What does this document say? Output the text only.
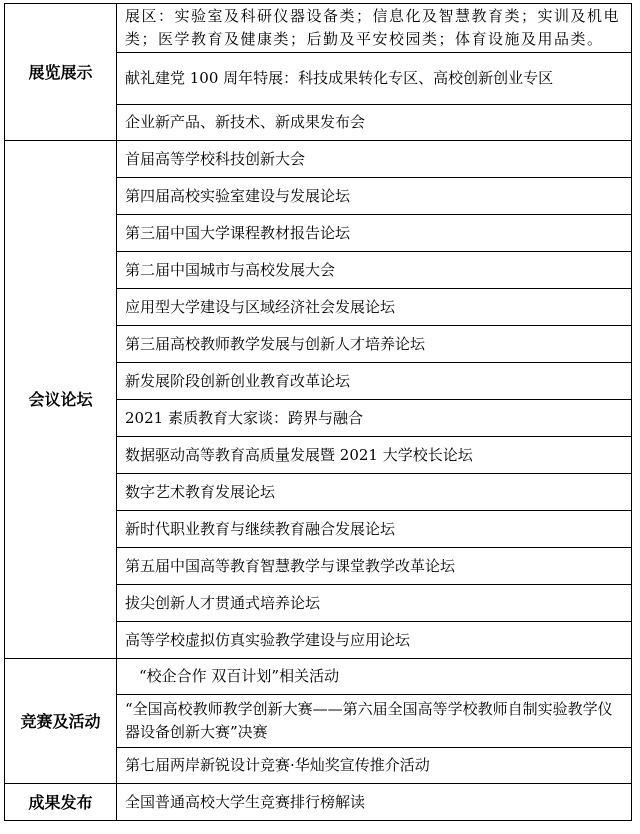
展览展示	展区：实验室及科研仪器设备类；信息化及智慧教育类；实训及机电类；医学教育及健康类；后勤及平安校园类；体育设施及用品类。
	献礼建党 100 周年特展：科技成果转化专区、高校创新创业专区
	企业新产品、新技术、新成果发布会
会议论坛	首届高等学校科技创新大会
	第四届高校实验室建设与发展论坛
	第三届中国大学课程教材报告论坛
	第二届中国城市与高校发展大会
	应用型大学建设与区域经济社会发展论坛
	第三届高校教师教学发展与创新人才培养论坛
	新发展阶段创新创业教育改革论坛
	2021 素质教育大家谈：跨界与融合
	数据驱动高等教育高质量发展暨 2021 大学校长论坛
	数字艺术教育发展论坛
	新时代职业教育与继续教育融合发展论坛
	第五届中国高等教育智慧教学与课堂教学改革论坛
	拔尖创新人才贯通式培养论坛
	高等学校虚拟仿真实验教学建设与应用论坛
竞赛及活动	“校企合作 双百计划”相关活动
	“全国高校教师教学创新大赛——第六届全国高等学校教师自制实验教学仪器设备创新大赛”决赛
	第七届两岸新锐设计竞赛·华灿奖宣传推介活动
成果发布	全国普通高校大学生竞赛排行榜解读
